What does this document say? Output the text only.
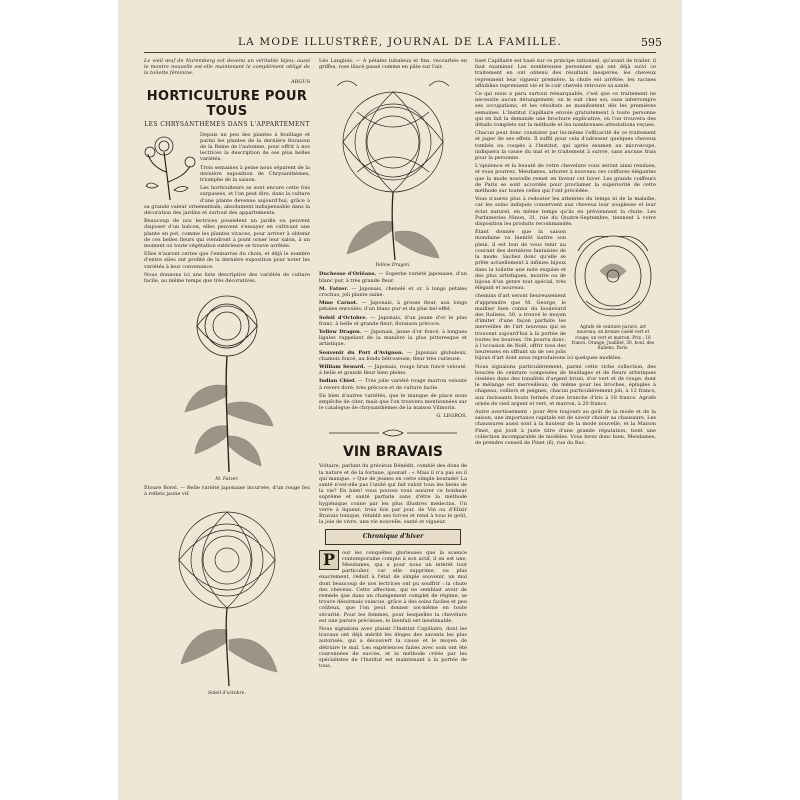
LA MODE ILLUSTRÉE, JOURNAL DE LA FAMILLE.	595

Le vieil œuf de Nuremberg est devenu un véritable bijou; aussi le montre nouvelle est-elle maintenant le complément obligé de la toilette féminine.

ARGUS
HORTICULTURE POUR TOUS
LES CHRYSANTHÈMES DANS L'APPARTEMENT

Depuis un peu des plantes à feuillage et parmi les plantes de la dernière floraison de la Reine de l'automne, pour offrir à nos lectrices la description de ses plus belles variétés.

Trois semaines à peine nous séparent de la dernière exposition de Chrysanthèmes, triomphe de la saison.

Les horticulteurs se sont encore cette fois surpassés, et l'on peut dire, dans la culture d'une plante devenue aujourd'hui, grâce à sa grande valeur ornementale, absolument indispensable dans la décoration des jardins et surtout des appartements.

Beaucoup de nos lectrices possèdent un jardin ou peuvent disposer d'un balcon, elles peuvent s'essayer en cultivant une plante en pot, comme les plantes vivaces, pour arriver à obtenir de ces belles fleurs qui viendront à point orner leur salon, à un moment où toute végétation extérieure se trouve arrêtée.

Elles n'auront certes que l'embarras du choix, et déjà le nombre d'entre elles ont profité de la dernière exposition pour noter les variétés à leur convenance.

Nous donnons ici une liste descriptive des variétés de culture facile, au même temps que très décoratives.

M. Fatzer.

Étoure Borel. — Belle variété japonaise incurvée, d'un rouge feu à reflets jaune vif.

Soleil d'octobre.

Léo Langlois. — A pétales tubuleux et fins, recourbés en griffes, rose lilacé passé comme en pâte sur l'air.

Yellow Dragon.

Duchesse d'Orléans. — Superbe variété japonaise, d'un blanc pur, à très grande fleur.

M. Fatzer. — Japonais, chenelé et or, à longs pétales crochus; joli plante saine.

Mme Carnot. — Japonais, à grosse fleur, aux longs pétales enroulés; d'un blanc pur et du plus bel effet.

Soleil d'Octobre. — Japonais, d'un jaune d'or le plus franc, à belle et grande fleur; floraison précoce.

Yellow Dragon. — Japonais, jaune d'or foncé, à longues ligules rappelant de la manière la plus pittoresque et artistique.

Souvenir du Port d'Avignon. — Japonais globuleux, chamois foncé, au fonds bêtroseuse; fleur très curieuse.

William Seward. — Japonais, rouge brun foncé velouté, à belle et grande fleur bien pleine.

Indian Chief. — Très jolie variété rouge marron velouté à revers doré; très précoce et de culture facile.

En bien d'autres variétés, que le manque de place nous empêche de citer, mais que l'on trouvera mentionnées sur le catalogue de chrysanthèmes de la maison Vilmorin.

G. LEGROS.
VIN BRAVAIS

Voltaire, parlant du précieux Bénédit, combié des dons de la nature et de la fortune, ajoutait : « Mais il n'a pas eu il qui manque. » Que de jeunes en cette simple boutade! La santé n'est-elle pas l'unité qui fait valoir tous les biens de la vie? En bien! vous pouvez vous assurer ce bonheur suprême et santé parfaite sans d'être la méthode hygiénique conne par les plus illustres médecins. Un verre à liqueur, trois fois par jour, de Vin ou d'Elixir Bravais tonique, rétablit ses forces et rend à tous le goût, la joie de vivre, une vie nouvelle, santé et vigueur.

Chronique d'hiver
P	our les conquêtes glorieuses que la science contemporaine compte à son actif, il en est une, Mesdames, qui a pour nous un intérêt tout particulier, car elle supprime, ou plus exactement, réduit à l'état de simple souvenir, un mal dont beaucoup de nos lectrices ont pu souffrir : la chute des cheveux. Cette affection, qui ne semblait avoir de remède que dans un changement complet de régime, se trouve désormais vaincue, grâce à des soins faciles et peu coûteux, que l'on peut donner soi-même en toute sécurité. Pour les femmes, pour lesquelles la chevelure est une parure précieuse, le bienfait est inestimable.

Nous signalons avec plaisir l'Institut Capillaire, dont les travaux ont déjà mérité les éloges des savants les plus autorisés, qui a découvert la cause et le moyen de détruire le mal. Les expériences faites avec soin ont été couronnées de succès, et la méthode créée par les spécialistes de l'Institut est maintenant à la portée de tous.

tiset Capillaire est basé sur ce principe rationnel, qu'avant de traiter, il faut examiner. Les nombreuses personnes qui ont déjà suivi ce traitement en ont obtenu des résultats inespérés; les cheveux reprennent leur vigueur première, la chute est arrêtée, les racines affaiblies reprennent vie et le cuir chevelu retrouve sa santé.

Ce qui nous a paru surtout remarquable, c'est que ce traitement ne nécessite aucun dérangement; on le suit chez soi, sans interrompre ses occupations, et les résultats se manifestent dès les premières semaines. L'Institut Capillaire envoie gratuitement à toute personne qui en fait la demande une brochure explicative, où l'on trouvera des détails complets sur la méthode et les nombreuses attestations reçues.

Chacun peut donc constater par lui-même l'efficacité de ce traitement et juger de ses effets. Il suffit pour cela d'adresser quelques cheveux tombés ou coupés à l'Institut, qui après examen au microscope, indiquera la cause du mal et le traitement à suivre, sans aucuns frais pour la personne.

L'opulence et la beauté de votre chevelure vous seront ainsi rendues, et vous pourrez, Mesdames, arborer à nouveau ces coiffures élégantes que la mode nouvelle remet en faveur cet hiver. Les grands coiffeurs de Paris se sont accordés pour proclamer la supériorité de cette méthode sur toutes celles qui l'ont précédée.

Vous n'aurez plus à redouter les atteintes du temps ni de la maladie, car les soins indiqués conservent aux cheveux leur souplesse et leur éclat naturel, en même temps qu'ils en préviennent la chute. Les Parfumeries Ninon, 31, rue du Quatre-Septembre, tiennent à votre disposition les produits recommandés.

Agrafe de ceinture parure, art nouveau, en bronze ciselé vert et rouge; un vert et marron. Prix : 18 francs. Orange, Joaillier, 30, boul. des Italiens, Paris.

Étant donnée que la saison mondaine va bientôt battre son plein, il est bon de vous tenir au courant des dernières fantaisies de la mode. Sachez donc qu'elle se prête actuellement à infinies bijoux dans la toilette une note exquise et des plus artistiques, montre ou de bijoux d'un genre tout spécial, très élégant et nouveau.

chemins d'art seront heureusement d'apprendre que M. George, le maillier bien connu du boulevard des Italiens, 30, a trouvé le moyen d'imiter d'une façon parfaite les merveilles de l'art nouveau qui se trouvent aujourd'hui à la portée de toutes les bourses. On pourra donc, à l'occasion de Noël, offrir tous des heureuses en offrant un de ces jolis bijoux d'art dont nous reproduisons ici quelques modèles.

Nous signalons particulièrement, parmi cette riche collection, des boucles de ceinture composées de feuillages et de fleurs artistiques ciselées dans des tonalités d'argent bruni, d'or vert et de rouge, dont le mélange est merveilleux; de même pour les broches, épingles à chapeau, colliers et peignes, chacun particulièrement joli, à 12 francs, aux ravissants bouts formés d'une branche d'iris à 18 francs. Agrafe ornée de vieil argent et vert, et marron, à 20 francs.

Autre avertissement : pour être toujours au goût de la mode et de la saison, une importance capitale est de savoir choisir sa chaussure. Les chaussures aussi sont à la hauteur de la mode nouvelle, et la Maison Pinet, qui jouit à juste titre d'une grande réputation, tient une collection incomparable de modèles. Vous ferez donc bien, Mesdames, de prendre conseil de Pinet (6), rue du Bac.
